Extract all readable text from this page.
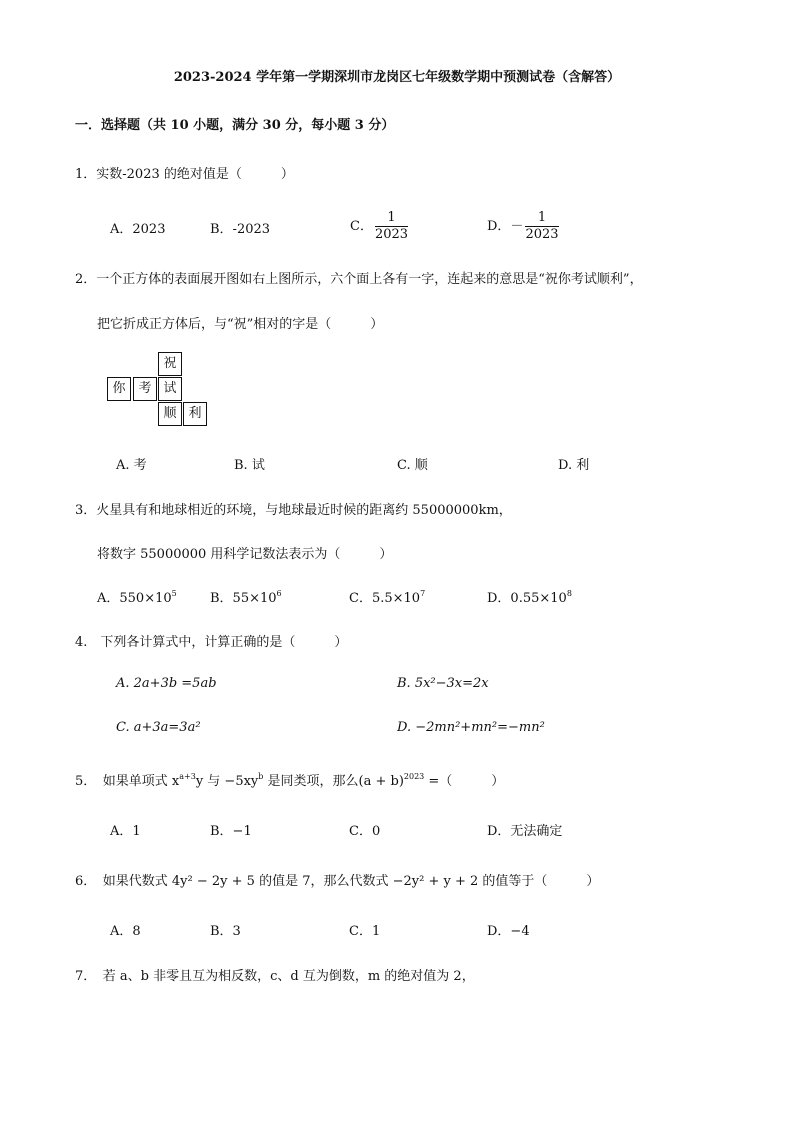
2023-2024 学年第一学期深圳市龙岗区七年级数学期中预测试卷（含解答）
一．选择题（共 10 小题，满分 30 分，每小题 3 分）
1．实数-2023 的绝对值是（　　　）
A．2023	B．-2023	C． $\frac{1}{2023}$	D．－ $\frac{1}{2023}$
2．一个正方体的表面展开图如右上图所示，六个面上各有一字，连起来的意思是“祝你考试顺利”，
把它折成正方体后，与“祝”相对的字是（　　　）
祝
你 考 试
顺 利
A. 考	B. 试	C. 顺	D. 利
3．火星具有和地球相近的环境，与地球最近时候的距离约 55000000km，
将数字 55000000 用科学记数法表示为（　　　）
A．$550\times 10^5$	B．$55\times 10^6$	C．$5.5\times 10^7$	D．$0.55\times 10^8$
4.　下列各计算式中，计算正确的是（　　　）
A. 2a+3b =5ab	B. 5x²−3x=2x
C. a+3a=3a²	D. −2mn²+mn²=−mn²
5．　如果单项式 $x^{a+3}y$ 与 $-5xy^b$ 是同类项，那么$(a + b)^{2023}$ =（　　　）
A．1	B．−1	C．0	D．无法确定
6．　如果代数式 4y² − 2y + 5 的值是 7，那么代数式 −2y² + y + 2 的值等于（　　　）
A．8	B．3	C．1	D．−4
7．　若 a、b 非零且互为相反数，c、d 互为倒数，m 的绝对值为 2，
